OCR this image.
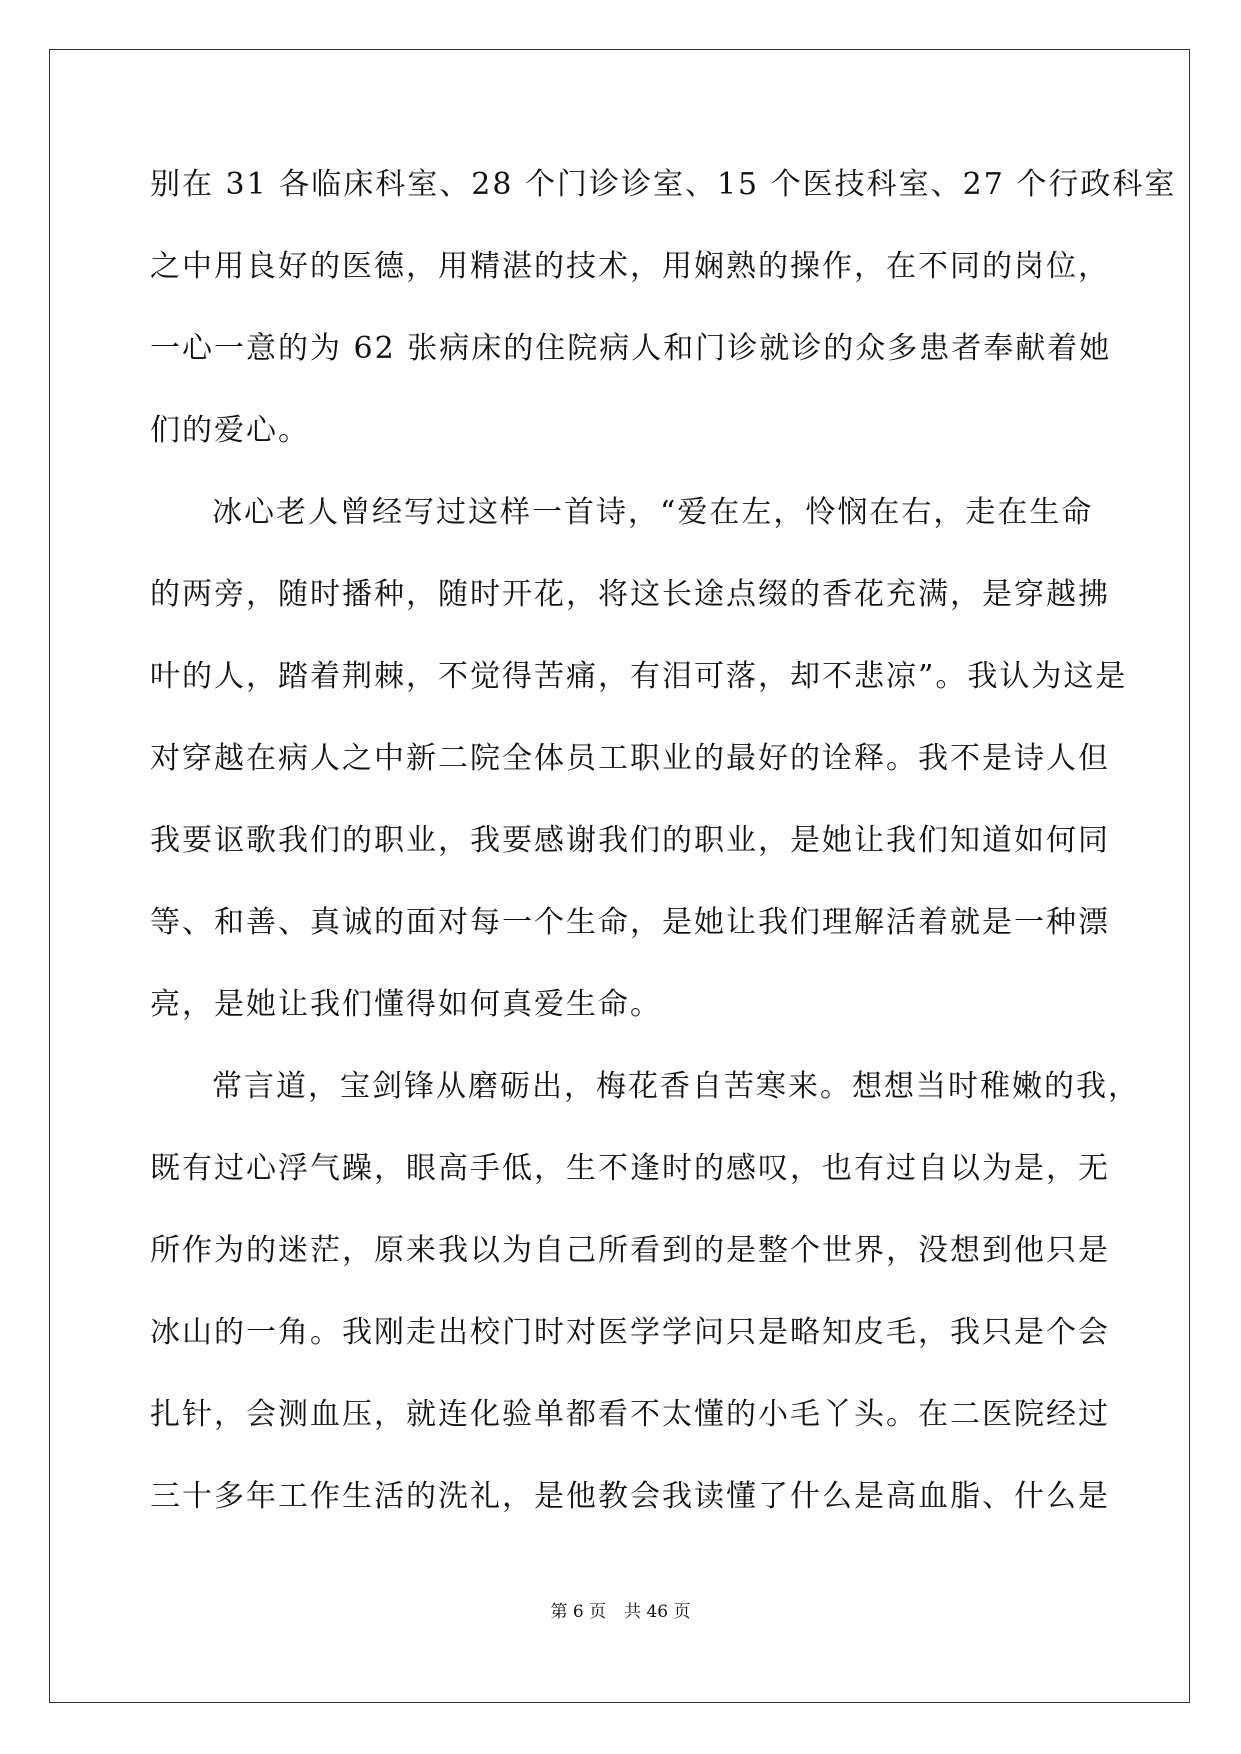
别在 31 各临床科室、28 个门诊诊室、15 个医技科室、27 个行政科室
之中用良好的医德，用精湛的技术，用娴熟的操作，在不同的岗位，
一心一意的为 62 张病床的住院病人和门诊就诊的众多患者奉献着她
们的爱心。
冰心老人曾经写过这样一首诗，“爱在左，怜悯在右，走在生命
的两旁，随时播种，随时开花，将这长途点缀的香花充满，是穿越拂
叶的人，踏着荆棘，不觉得苦痛，有泪可落，却不悲凉”。我认为这是
对穿越在病人之中新二院全体员工职业的最好的诠释。我不是诗人但
我要讴歌我们的职业，我要感谢我们的职业，是她让我们知道如何同
等、和善、真诚的面对每一个生命，是她让我们理解活着就是一种漂
亮，是她让我们懂得如何真爱生命。
常言道，宝剑锋从磨砺出，梅花香自苦寒来。想想当时稚嫩的我，
既有过心浮气躁，眼高手低，生不逢时的感叹，也有过自以为是，无
所作为的迷茫，原来我以为自己所看到的是整个世界，没想到他只是
冰山的一角。我刚走出校门时对医学学问只是略知皮毛，我只是个会
扎针，会测血压，就连化验单都看不太懂的小毛丫头。在二医院经过
三十多年工作生活的洗礼，是他教会我读懂了什么是高血脂、什么是
第 6 页 共 46 页
